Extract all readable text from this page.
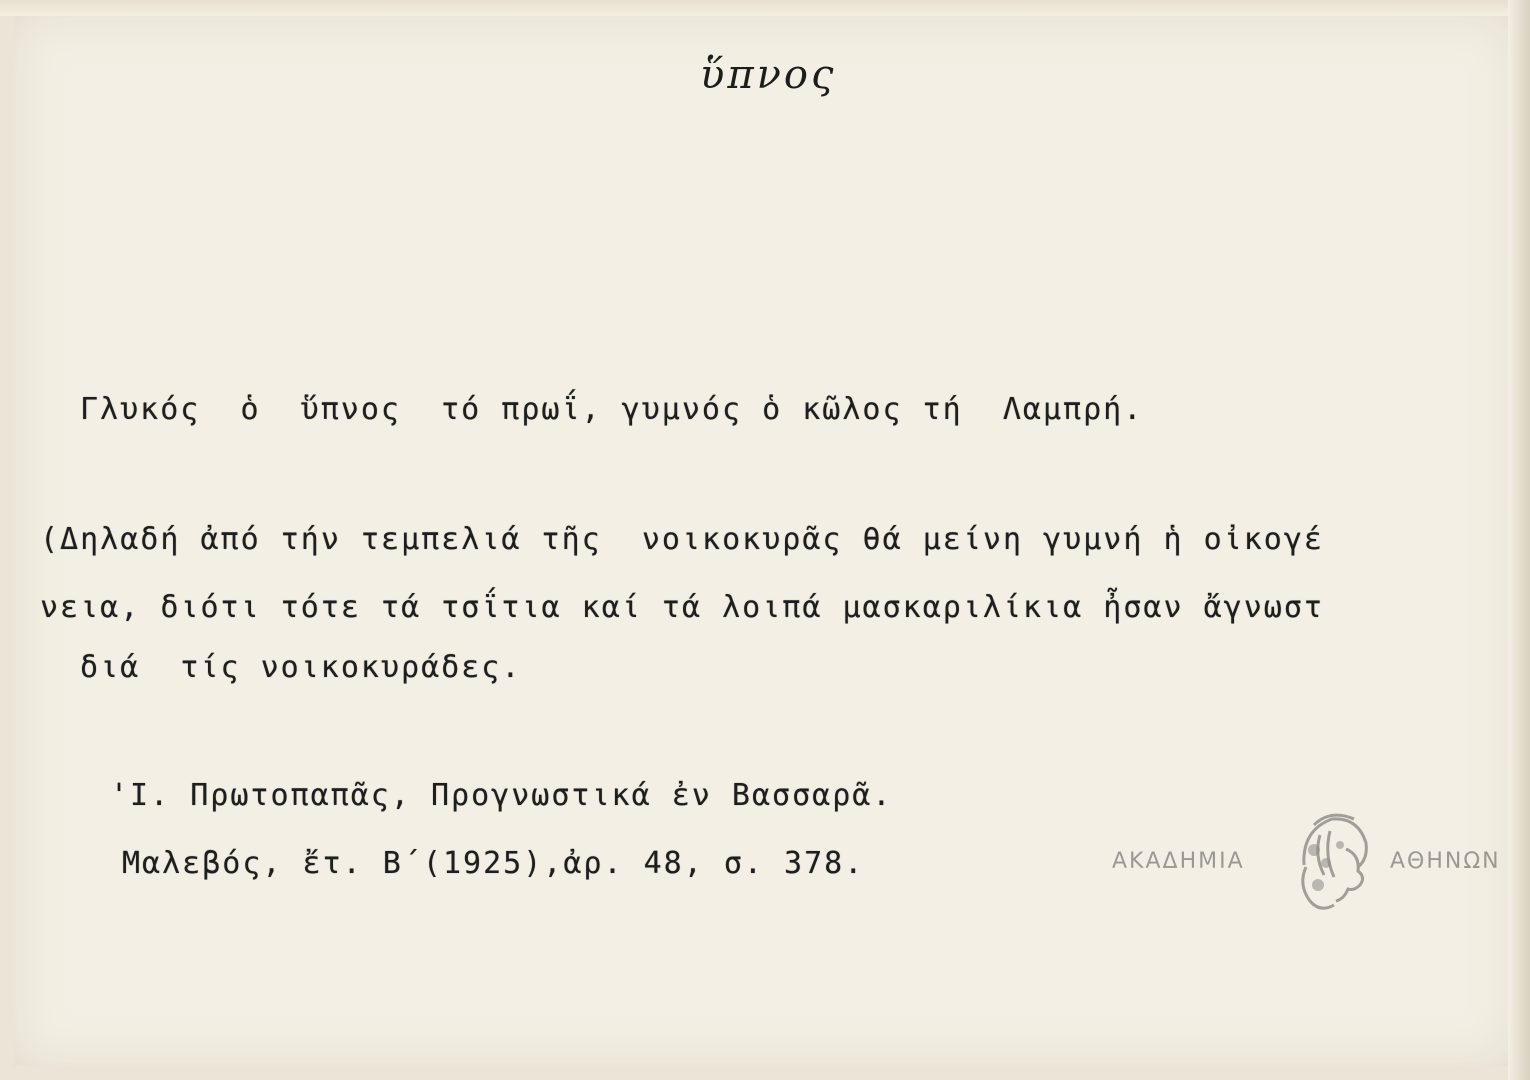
ὕπνος
Γλυκός  ὁ  ὕπνος  τό πρωΐ, γυμνός ὁ κῶλος τή  Λαμπρή.
(Δηλαδή ἀπό τήν τεμπελιά τῆς  νοικοκυρᾶς θά μείνη γυμνή ἡ οἰκογέ
νεια, διότι τότε τά τσΐτια καί τά λοιπά μασκαριλίκια ἦσαν ἄγνωστ
διά  τίς νοικοκυράδες.
'Ι. Πρωτοπαπᾶς, Προγνωστικά ἐν Βασσαρᾶ.
Μαλεβός, ἔτ. Β΄(1925),ἀρ. 48, σ. 378.	ΑΚΑΔΗΜΙΑ	ΑΘΗΝΩΝ
